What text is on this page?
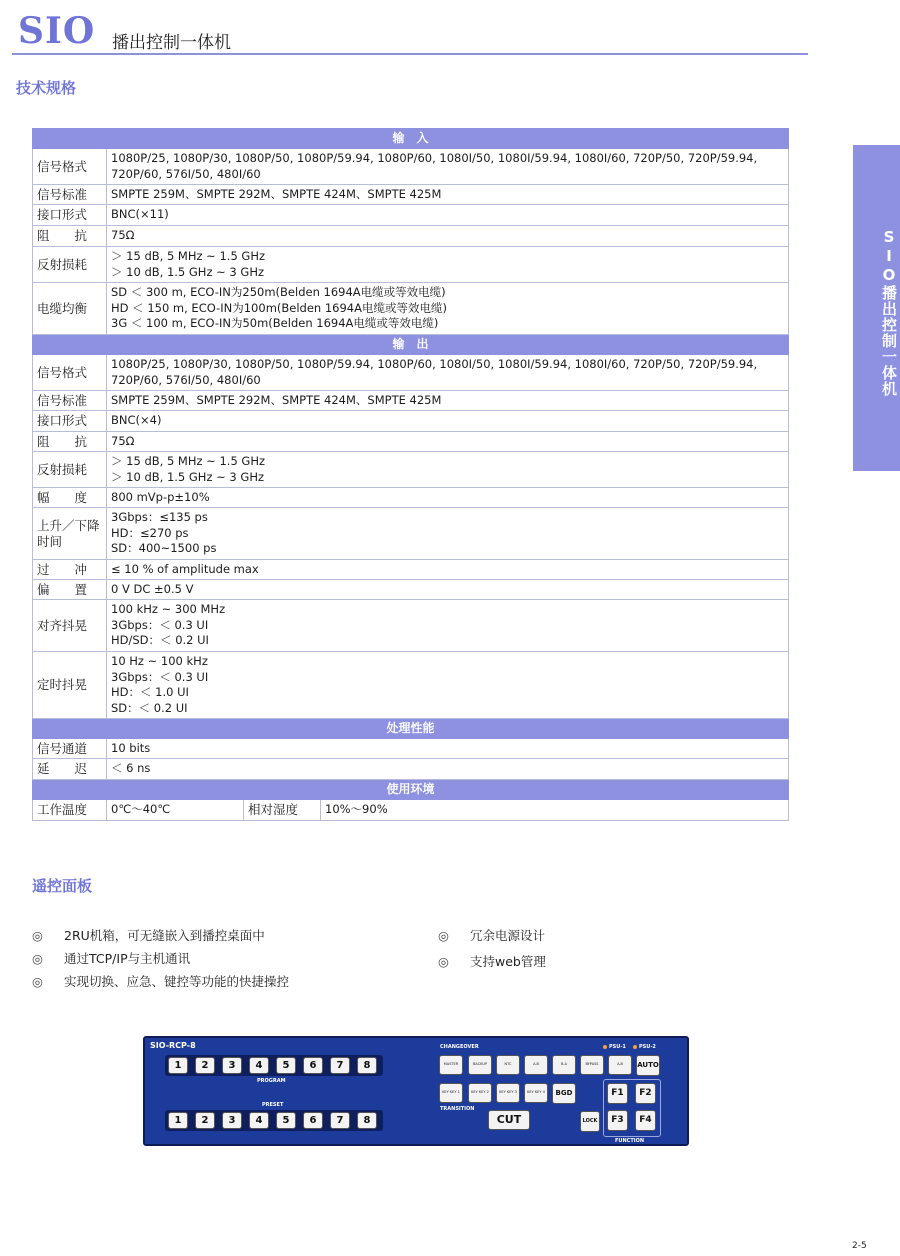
SIO 播出控制一体机
SIO播出控制一体机
技术规格
输　入			
信号格式	1080P/25, 1080P/30, 1080P/50, 1080P/59.94, 1080P/60, 1080I/50, 1080I/59.94, 1080I/60, 720P/50, 720P/59.94, 720P/60, 576I/50, 480I/60		
信号标准	SMPTE 259M、SMPTE 292M、SMPTE 424M、SMPTE 425M		
接口形式	BNC(×11)		
阻　　抗	75Ω		
反射损耗	＞ 15 dB, 5 MHz ~ 1.5 GHz
＞ 10 dB, 1.5 GHz ~ 3 GHz		

电缆均衡	SD ＜ 300 m, ECO-IN为250m(Belden 1694A电缆或等效电缆)
HD ＜ 150 m, ECO-IN为100m(Belden 1694A电缆或等效电缆)
3G ＜ 100 m, ECO-IN为50m(Belden 1694A电缆或等效电缆)		

输　出			
信号格式	1080P/25, 1080P/30, 1080P/50, 1080P/59.94, 1080P/60, 1080I/50, 1080I/59.94, 1080I/60, 720P/50, 720P/59.94, 720P/60, 576I/50, 480I/60		
信号标准	SMPTE 259M、SMPTE 292M、SMPTE 424M、SMPTE 425M		
接口形式	BNC(×4)		
阻　　抗	75Ω		
反射损耗	＞ 15 dB, 5 MHz ~ 1.5 GHz
＞ 10 dB, 1.5 GHz ~ 3 GHz		

幅　　度	800 mVp-p±10%		
上升／下降时间	3Gbps：≤135 ps
HD：≤270 ps
SD：400~1500 ps		

过　　冲	≤ 10 % of amplitude max		
偏　　置	0 V DC ±0.5 V		
对齐抖晃	100 kHz ~ 300 MHz
3Gbps：＜ 0.3 UI
HD/SD：＜ 0.2 UI		

定时抖晃	10 Hz ~ 100 kHz
3Gbps：＜ 0.3 UI
HD：＜ 1.0 UI
SD：＜ 0.2 UI		

处理性能			
信号通道	10 bits		
延　　迟	＜ 6 ns		
使用环境			
工作温度	0℃～40℃	相对湿度	10%～90%
遥控面板
◎ 2RU机箱，可无缝嵌入到播控桌面中
◎ 通过TCP/IP与主机通讯
◎ 实现切换、应急、键控等功能的快捷操控
◎ 冗余电源设计
◎ 支持web管理
SIO-RCP-8
1	2	3	4	5	6	7	8
PROGRAM
PRESET
1	2	3	4	5	6	7	8
CHANGEOVER	PSU-1	PSU-2
MASTER	BACKUP	NTC	A-B	B-A	BYPASS	A-B	AUTO
KEY KEY 1	KEY KEY 2	KEY KEY 3	KEY KEY 4	BGD
TRANSITION
CUT	LOCK
F1	F2
F3	F4
FUNCTION
2-5
